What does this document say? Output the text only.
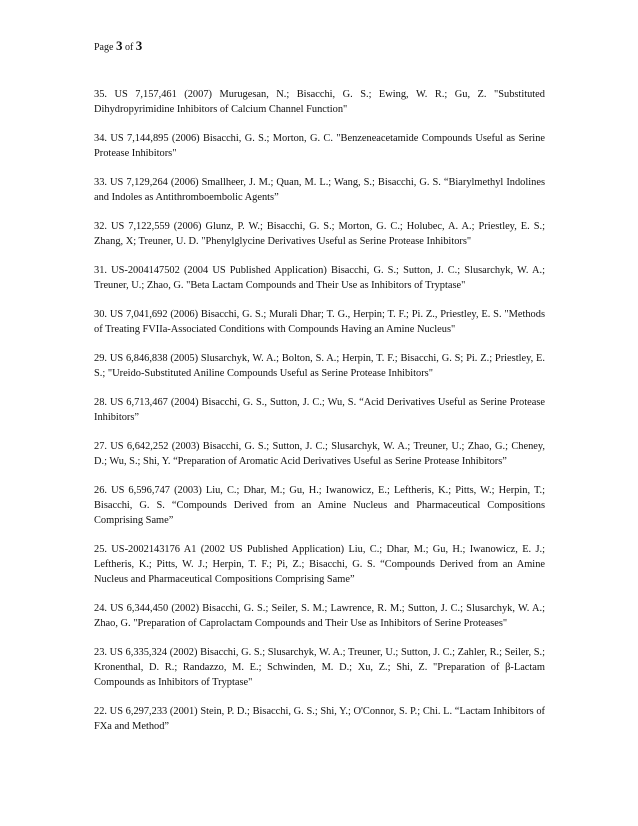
Page 3 of 3

35. US 7,157,461 (2007) Murugesan, N.; Bisacchi, G. S.; Ewing, W. R.; Gu, Z. "Substituted Dihydropyrimidine Inhibitors of Calcium Channel Function"

34. US 7,144,895 (2006) Bisacchi, G. S.; Morton, G. C. "Benzeneacetamide Compounds Useful as Serine Protease Inhibitors"

33. US 7,129,264 (2006) Smallheer, J. M.; Quan, M. L.; Wang, S.; Bisacchi, G. S. “Biarylmethyl Indolines and Indoles as Antithromboembolic Agents”

32. US 7,122,559 (2006) Glunz, P. W.; Bisacchi, G. S.; Morton, G. C.; Holubec, A. A.; Priestley, E. S.; Zhang, X; Treuner, U. D. "Phenylglycine Derivatives Useful as Serine Protease Inhibitors"

31. US-2004147502 (2004 US Published Application) Bisacchi, G. S.; Sutton, J. C.; Slusarchyk, W. A.; Treuner, U.; Zhao, G. "Beta Lactam Compounds and Their Use as Inhibitors of Tryptase"

30. US 7,041,692 (2006) Bisacchi, G. S.; Murali Dhar; T. G., Herpin; T. F.; Pi. Z., Priestley, E. S. "Methods of Treating FVIIa-Associated Conditions with Compounds Having an Amine Nucleus"

29. US 6,846,838 (2005) Slusarchyk, W. A.; Bolton, S. A.; Herpin, T. F.; Bisacchi, G. S; Pi. Z.; Priestley, E. S.; "Ureido-Substituted Aniline Compounds Useful as Serine Protease Inhibitors"

28. US 6,713,467 (2004) Bisacchi, G. S., Sutton, J. C.; Wu, S. “Acid Derivatives Useful as Serine Protease Inhibitors”

27. US 6,642,252 (2003) Bisacchi, G. S.; Sutton, J. C.; Slusarchyk, W. A.; Treuner, U.; Zhao, G.; Cheney, D.; Wu, S.; Shi, Y. “Preparation of Aromatic Acid Derivatives Useful as Serine Protease Inhibitors”

26. US 6,596,747 (2003) Liu, C.; Dhar, M.; Gu, H.; Iwanowicz, E.; Leftheris, K.; Pitts, W.; Herpin, T.; Bisacchi, G. S. “Compounds Derived from an Amine Nucleus and Pharmaceutical Compositions Comprising Same”

25. US-2002143176 A1 (2002 US Published Application) Liu, C.; Dhar, M.; Gu, H.; Iwanowicz, E. J.; Leftheris, K.; Pitts, W. J.; Herpin, T. F.; Pi, Z.; Bisacchi, G. S. “Compounds Derived from an Amine Nucleus and Pharmaceutical Compositions Comprising Same”

24. US 6,344,450 (2002) Bisacchi, G. S.; Seiler, S. M.; Lawrence, R. M.; Sutton, J. C.; Slusarchyk, W. A.; Zhao, G. "Preparation of Caprolactam Compounds and Their Use as Inhibitors of Serine Proteases"

23. US 6,335,324 (2002) Bisacchi, G. S.; Slusarchyk, W. A.; Treuner, U.; Sutton, J. C.; Zahler, R.; Seiler, S.; Kronenthal, D. R.; Randazzo, M. E.; Schwinden, M. D.; Xu, Z.; Shi, Z. "Preparation of β-Lactam Compounds as Inhibitors of Tryptase"

22. US 6,297,233 (2001) Stein, P. D.; Bisacchi, G. S.; Shi, Y.; O'Connor, S. P.; Chi. L. “Lactam Inhibitors of FXa and Method”
